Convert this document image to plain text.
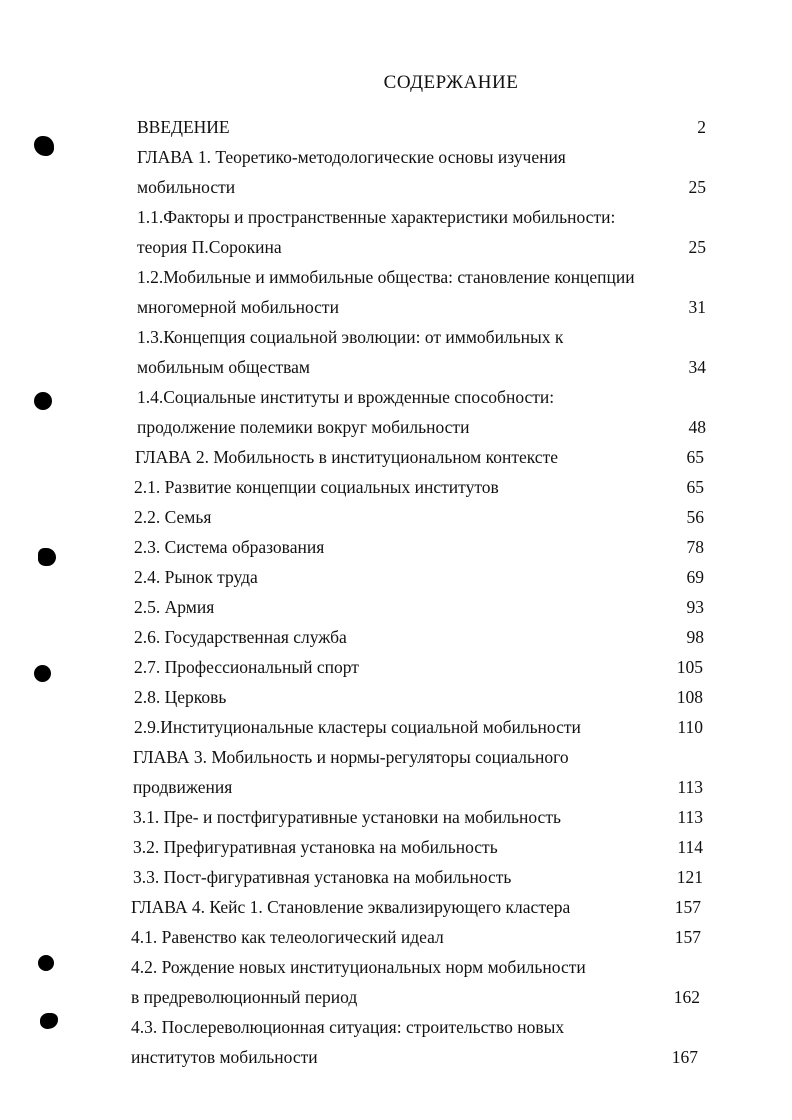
СОДЕРЖАНИЕ
ВВЕДЕНИЕ	2
ГЛАВА 1. Теоретико-методологические основы изучения
мобильности	25
1.1.Факторы и пространственные характеристики мобильности:
теория П.Сорокина	25
1.2.Мобильные и иммобильные общества: становление концепции
многомерной мобильности	31
1.3.Концепция социальной эволюции: от иммобильных к
мобильным обществам	34
1.4.Социальные институты и врожденные способности:
продолжение полемики вокруг мобильности	48
ГЛАВА 2. Мобильность в институциональном контексте	65
2.1. Развитие концепции социальных институтов	65
2.2. Семья	56
2.3. Система образования	78
2.4. Рынок труда	69
2.5. Армия	93
2.6. Государственная служба	98
2.7. Профессиональный спорт	105
2.8. Церковь	108
2.9.Институциональные кластеры социальной мобильности	110
ГЛАВА 3. Мобильность и нормы-регуляторы социального
продвижения	113
3.1. Пре- и постфигуративные установки на мобильность	113
3.2. Префигуративная установка на мобильность	114
3.3. Пост-фигуративная установка на мобильность	121
ГЛАВА 4. Кейс 1. Становление эквализирующего кластера	157
4.1. Равенство как телеологический идеал	157
4.2. Рождение новых институциональных норм мобильности
в предреволюционный период	162
4.3. Послереволюционная ситуация: строительство новых
институтов мобильности	167
